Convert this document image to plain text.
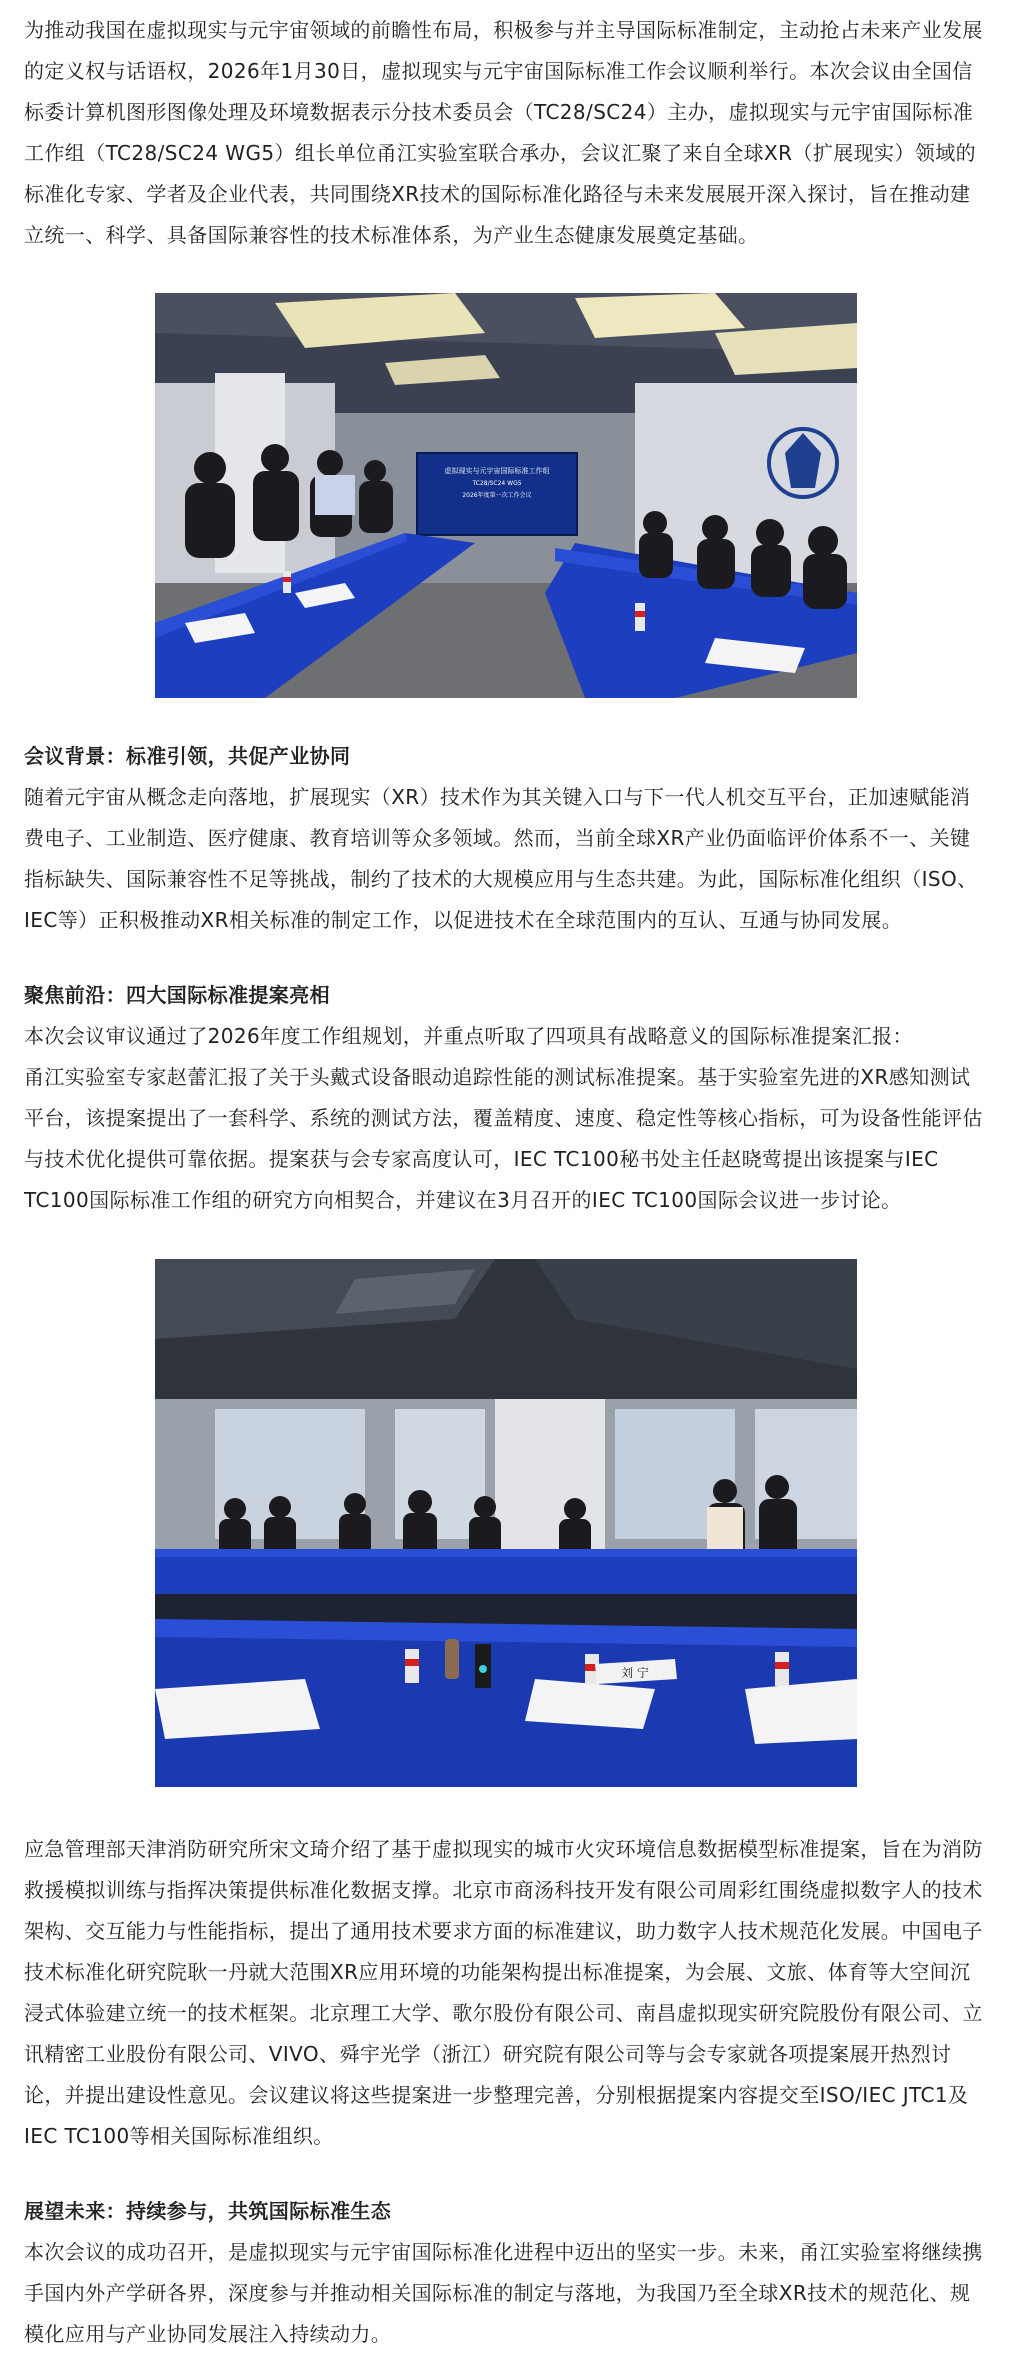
为推动我国在虚拟现实与元宇宙领域的前瞻性布局，积极参与并主导国际标准制定，主动抢占未来产业发展的定义权与话语权，2026年1月30日，虚拟现实与元宇宙国际标准工作会议顺利举行。本次会议由全国信标委计算机图形图像处理及环境数据表示分技术委员会（TC28/SC24）主办，虚拟现实与元宇宙国际标准工作组（TC28/SC24 WG5）组长单位甬江实验室联合承办，会议汇聚了来自全球XR（扩展现实）领域的标准化专家、学者及企业代表，共同围绕XR技术的国际标准化路径与未来发展展开深入探讨，旨在推动建立统一、科学、具备国际兼容性的技术标准体系，为产业生态健康发展奠定基础。

虚拟现实与元宇宙国际标准工作组
TC28/SC24 WG5
2026年度第一次工作会议

会议背景：标准引领，共促产业协同

随着元宇宙从概念走向落地，扩展现实（XR）技术作为其关键入口与下一代人机交互平台，正加速赋能消费电子、工业制造、医疗健康、教育培训等众多领域。然而，当前全球XR产业仍面临评价体系不一、关键指标缺失、国际兼容性不足等挑战，制约了技术的大规模应用与生态共建。为此，国际标准化组织（ISO、IEC等）正积极推动XR相关标准的制定工作，以促进技术在全球范围内的互认、互通与协同发展。

聚焦前沿：四大国际标准提案亮相

本次会议审议通过了2026年度工作组规划，并重点听取了四项具有战略意义的国际标准提案汇报：

甬江实验室专家赵蕾汇报了关于头戴式设备眼动追踪性能的测试标准提案。基于实验室先进的XR感知测试平台，该提案提出了一套科学、系统的测试方法，覆盖精度、速度、稳定性等核心指标，可为设备性能评估与技术优化提供可靠依据。提案获与会专家高度认可，IEC TC100秘书处主任赵晓莺提出该提案与IEC TC100国际标准工作组的研究方向相契合，并建议在3月召开的IEC TC100国际会议进一步讨论。

刘 宁

应急管理部天津消防研究所宋文琦介绍了基于虚拟现实的城市火灾环境信息数据模型标准提案，旨在为消防救援模拟训练与指挥决策提供标准化数据支撑。北京市商汤科技开发有限公司周彩红围绕虚拟数字人的技术架构、交互能力与性能指标，提出了通用技术要求方面的标准建议，助力数字人技术规范化发展。中国电子技术标准化研究院耿一丹就大范围XR应用环境的功能架构提出标准提案，为会展、文旅、体育等大空间沉浸式体验建立统一的技术框架。北京理工大学、歌尔股份有限公司、南昌虚拟现实研究院股份有限公司、立讯精密工业股份有限公司、VIVO、舜宇光学（浙江）研究院有限公司等与会专家就各项提案展开热烈讨论，并提出建设性意见。会议建议将这些提案进一步整理完善，分别根据提案内容提交至ISO/IEC JTC1及IEC TC100等相关国际标准组织。

展望未来：持续参与，共筑国际标准生态

本次会议的成功召开，是虚拟现实与元宇宙国际标准化进程中迈出的坚实一步。未来，甬江实验室将继续携手国内外产学研各界，深度参与并推动相关国际标准的制定与落地，为我国乃至全球XR技术的规范化、规模化应用与产业协同发展注入持续动力。
